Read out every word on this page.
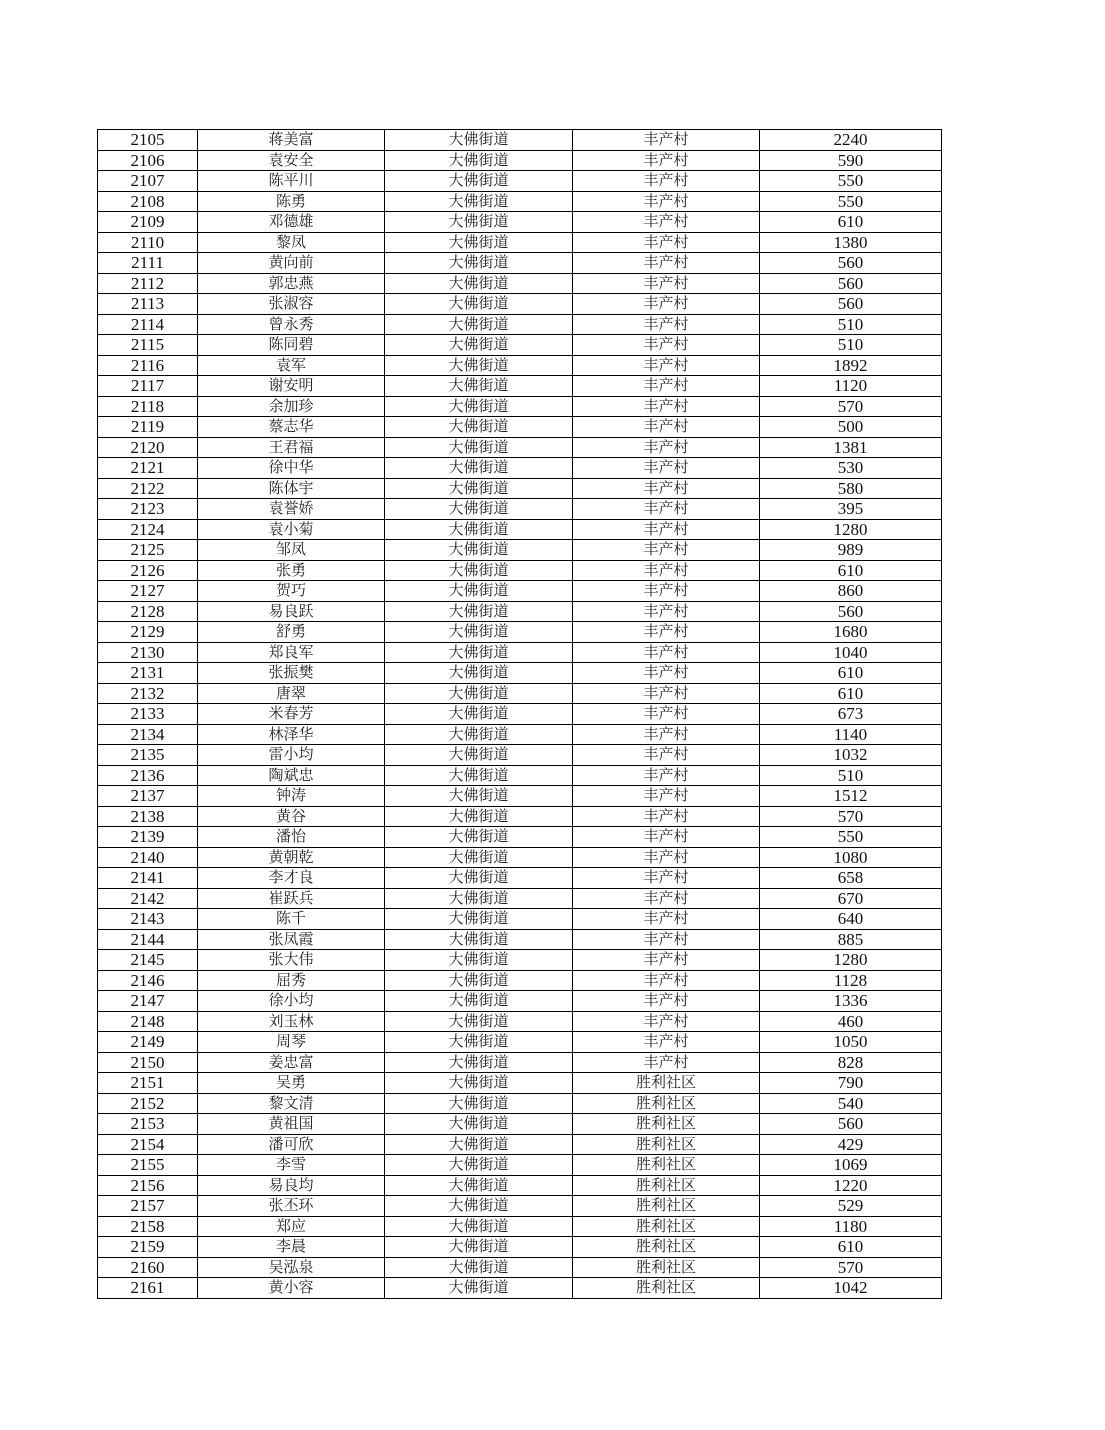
2105	蒋美富	大佛街道	丰产村	2240
2106	袁安全	大佛街道	丰产村	590
2107	陈平川	大佛街道	丰产村	550
2108	陈勇	大佛街道	丰产村	550
2109	邓德雄	大佛街道	丰产村	610
2110	黎凤	大佛街道	丰产村	1380
2111	黄向前	大佛街道	丰产村	560
2112	郭忠燕	大佛街道	丰产村	560
2113	张淑容	大佛街道	丰产村	560
2114	曾永秀	大佛街道	丰产村	510
2115	陈同碧	大佛街道	丰产村	510
2116	袁军	大佛街道	丰产村	1892
2117	谢安明	大佛街道	丰产村	1120
2118	余加珍	大佛街道	丰产村	570
2119	蔡志华	大佛街道	丰产村	500
2120	王君福	大佛街道	丰产村	1381
2121	徐中华	大佛街道	丰产村	530
2122	陈体宇	大佛街道	丰产村	580
2123	袁誉娇	大佛街道	丰产村	395
2124	袁小菊	大佛街道	丰产村	1280
2125	邹凤	大佛街道	丰产村	989
2126	张勇	大佛街道	丰产村	610
2127	贺巧	大佛街道	丰产村	860
2128	易良跃	大佛街道	丰产村	560
2129	舒勇	大佛街道	丰产村	1680
2130	郑良军	大佛街道	丰产村	1040
2131	张振樊	大佛街道	丰产村	610
2132	唐翠	大佛街道	丰产村	610
2133	米春芳	大佛街道	丰产村	673
2134	林泽华	大佛街道	丰产村	1140
2135	雷小均	大佛街道	丰产村	1032
2136	陶斌忠	大佛街道	丰产村	510
2137	钟涛	大佛街道	丰产村	1512
2138	黄谷	大佛街道	丰产村	570
2139	潘怡	大佛街道	丰产村	550
2140	黄朝乾	大佛街道	丰产村	1080
2141	李才良	大佛街道	丰产村	658
2142	崔跃兵	大佛街道	丰产村	670
2143	陈千	大佛街道	丰产村	640
2144	张凤霞	大佛街道	丰产村	885
2145	张大伟	大佛街道	丰产村	1280
2146	屈秀	大佛街道	丰产村	1128
2147	徐小均	大佛街道	丰产村	1336
2148	刘玉林	大佛街道	丰产村	460
2149	周琴	大佛街道	丰产村	1050
2150	姜忠富	大佛街道	丰产村	828
2151	吴勇	大佛街道	胜利社区	790
2152	黎文清	大佛街道	胜利社区	540
2153	黄祖国	大佛街道	胜利社区	560
2154	潘可欣	大佛街道	胜利社区	429
2155	李雪	大佛街道	胜利社区	1069
2156	易良均	大佛街道	胜利社区	1220
2157	张丕环	大佛街道	胜利社区	529
2158	郑应	大佛街道	胜利社区	1180
2159	李晨	大佛街道	胜利社区	610
2160	吴泓泉	大佛街道	胜利社区	570
2161	黄小容	大佛街道	胜利社区	1042
